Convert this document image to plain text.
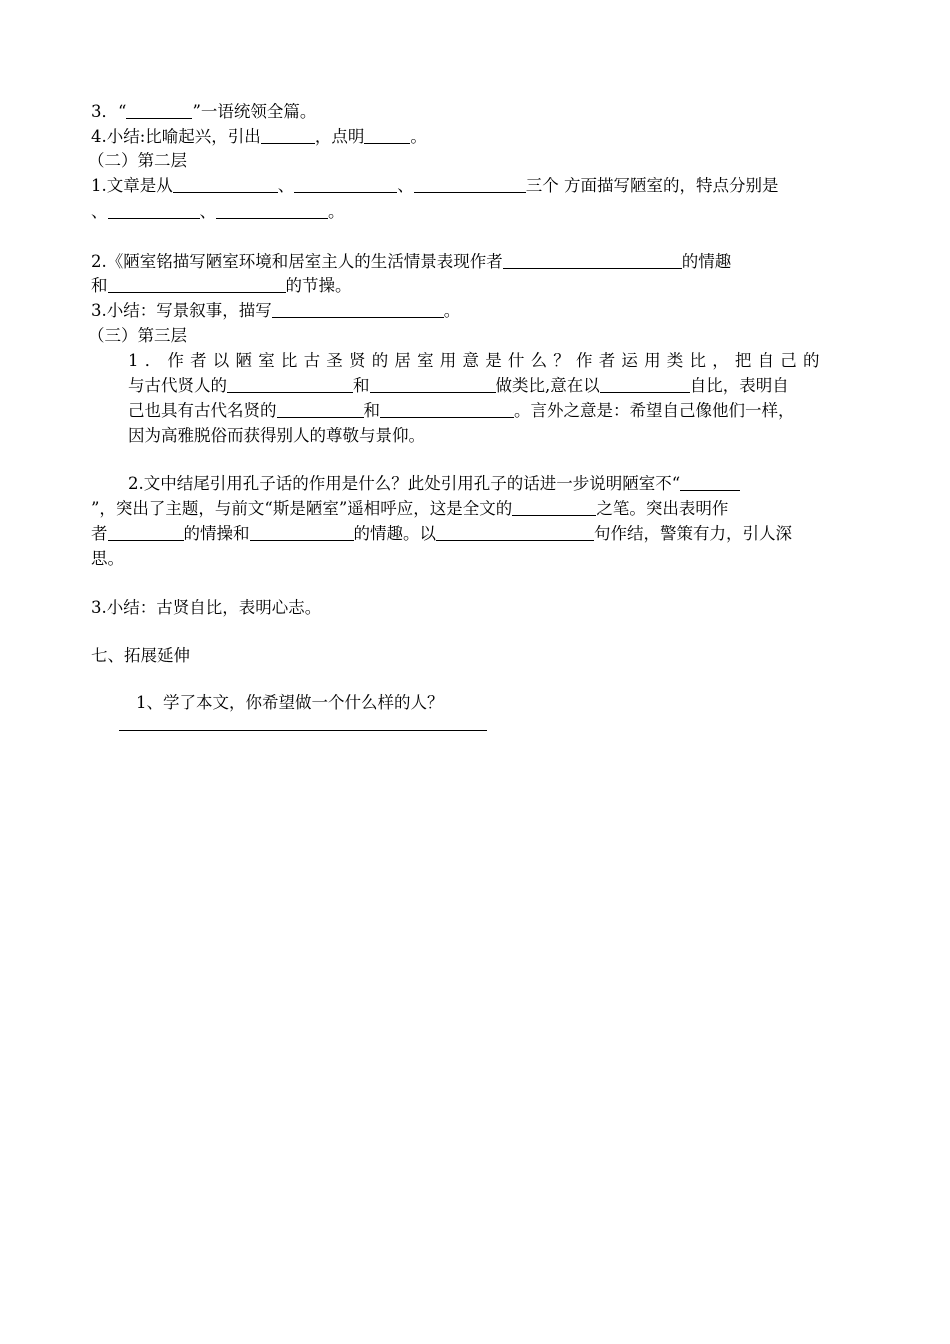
3．“	”一语统领全篇。
4.小结:比喻起兴，引出	，点明	。
（二）第二层
1.文章是从	、	、	三个 方面描写陋室的，特点分别是
、	、	。
2.《陋室铭描写陋室环境和居室主人的生活情景表现作者	的情趣
和	的节操。
3.小结：写景叙事，描写	。
（三）第三层
1．作者以陋室比古圣贤的居室用意是什么？作者运用类比，把自己的
与古代贤人的	和	做类比,意在以	自比，表明自
己也具有古代名贤的	和	。言外之意是：希望自己像他们一样，
因为高雅脱俗而获得别人的尊敬与景仰。
2.文中结尾引用孔子话的作用是什么？此处引用孔子的话进一步说明陋室不“
”，突出了主题，与前文“斯是陋室”遥相呼应，这是全文的	之笔。突出表明作
者	的情操和	的情趣。以	句作结，警策有力，引人深
思。
3.小结：古贤自比，表明心志。
七、拓展延伸
1、学了本文，你希望做一个什么样的人？
